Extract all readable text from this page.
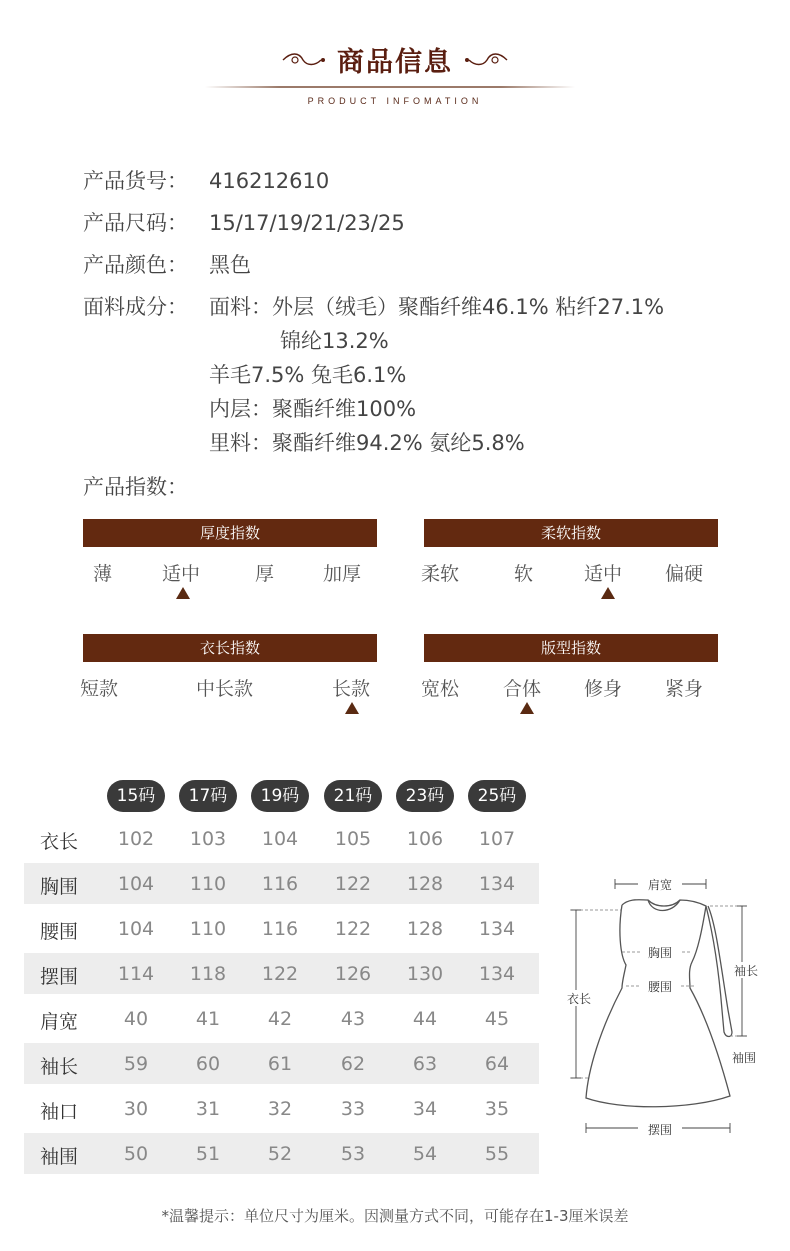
商品信息
PRODUCT INFOMATION
产品货号： 416212610
产品尺码： 15/17/19/21/23/25
产品颜色： 黑色
面料成分： 面料：外层（绒毛）聚酯纤维46.1% 粘纤27.1%
锦纶13.2%
羊毛7.5% 兔毛6.1%
内层：聚酯纤维100%
里料：聚酯纤维94.2% 氨纶5.8%
产品指数：
厚度指数
薄	适中	厚	加厚
柔软指数
柔软	软	适中 偏硬
衣长指数
短款	中长款	长款
版型指数
宽松 合体 修身 紧身
15码	17码	19码	21码	23码	25码
衣长	102	103	104	105	106	107
胸围	104	110	116	122	128	134
腰围	104	110	116	122	128	134
摆围	114	118	122	126	130	134
肩宽	40	41	42	43	44	45
袖长	59	60	61	62	63	64
袖口	30	31	32	33	34	35
袖围	50	51	52	53	54	55
肩宽
胸围
腰围
袖长
衣长
袖围
摆围
*温馨提示：单位尺寸为厘米。因测量方式不同，可能存在1-3厘米误差
